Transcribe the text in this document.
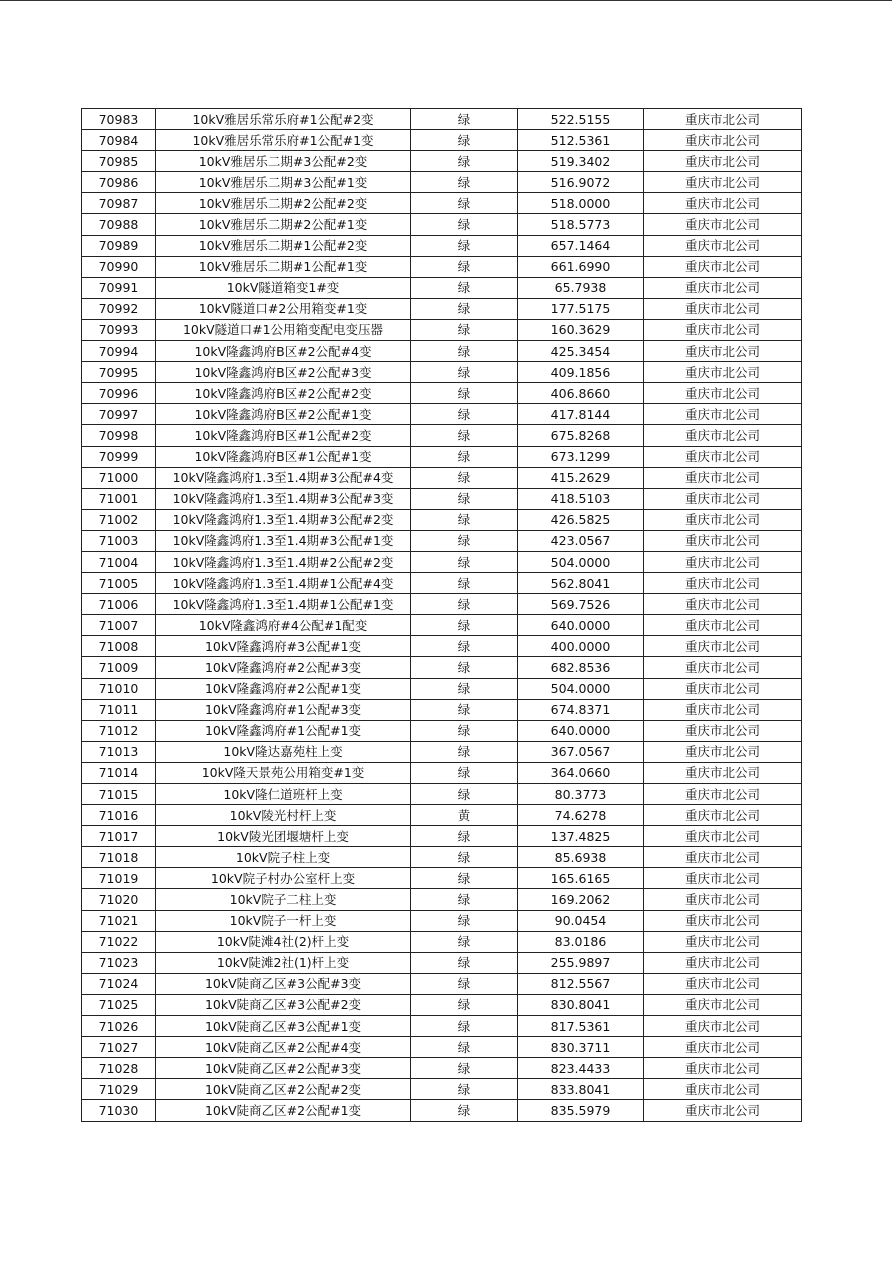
70983	10kV雅居乐常乐府#1公配#2变	绿	522.5155	重庆市北公司
70984	10kV雅居乐常乐府#1公配#1变	绿	512.5361	重庆市北公司
70985	10kV雅居乐二期#3公配#2变	绿	519.3402	重庆市北公司
70986	10kV雅居乐二期#3公配#1变	绿	516.9072	重庆市北公司
70987	10kV雅居乐二期#2公配#2变	绿	518.0000	重庆市北公司
70988	10kV雅居乐二期#2公配#1变	绿	518.5773	重庆市北公司
70989	10kV雅居乐二期#1公配#2变	绿	657.1464	重庆市北公司
70990	10kV雅居乐二期#1公配#1变	绿	661.6990	重庆市北公司
70991	10kV隧道箱变1#变	绿	65.7938	重庆市北公司
70992	10kV隧道口#2公用箱变#1变	绿	177.5175	重庆市北公司
70993	10kV隧道口#1公用箱变配电变压器	绿	160.3629	重庆市北公司
70994	10kV隆鑫鸿府B区#2公配#4变	绿	425.3454	重庆市北公司
70995	10kV隆鑫鸿府B区#2公配#3变	绿	409.1856	重庆市北公司
70996	10kV隆鑫鸿府B区#2公配#2变	绿	406.8660	重庆市北公司
70997	10kV隆鑫鸿府B区#2公配#1变	绿	417.8144	重庆市北公司
70998	10kV隆鑫鸿府B区#1公配#2变	绿	675.8268	重庆市北公司
70999	10kV隆鑫鸿府B区#1公配#1变	绿	673.1299	重庆市北公司
71000	10kV隆鑫鸿府1.3至1.4期#3公配#4变	绿	415.2629	重庆市北公司
71001	10kV隆鑫鸿府1.3至1.4期#3公配#3变	绿	418.5103	重庆市北公司
71002	10kV隆鑫鸿府1.3至1.4期#3公配#2变	绿	426.5825	重庆市北公司
71003	10kV隆鑫鸿府1.3至1.4期#3公配#1变	绿	423.0567	重庆市北公司
71004	10kV隆鑫鸿府1.3至1.4期#2公配#2变	绿	504.0000	重庆市北公司
71005	10kV隆鑫鸿府1.3至1.4期#1公配#4变	绿	562.8041	重庆市北公司
71006	10kV隆鑫鸿府1.3至1.4期#1公配#1变	绿	569.7526	重庆市北公司
71007	10kV隆鑫鸿府#4公配#1配变	绿	640.0000	重庆市北公司
71008	10kV隆鑫鸿府#3公配#1变	绿	400.0000	重庆市北公司
71009	10kV隆鑫鸿府#2公配#3变	绿	682.8536	重庆市北公司
71010	10kV隆鑫鸿府#2公配#1变	绿	504.0000	重庆市北公司
71011	10kV隆鑫鸿府#1公配#3变	绿	674.8371	重庆市北公司
71012	10kV隆鑫鸿府#1公配#1变	绿	640.0000	重庆市北公司
71013	10kV隆达嘉苑柱上变	绿	367.0567	重庆市北公司
71014	10kV隆天景苑公用箱变#1变	绿	364.0660	重庆市北公司
71015	10kV隆仁道班杆上变	绿	80.3773	重庆市北公司
71016	10kV陵光村杆上变	黄	74.6278	重庆市北公司
71017	10kV陵光团堰塘杆上变	绿	137.4825	重庆市北公司
71018	10kV院子柱上变	绿	85.6938	重庆市北公司
71019	10kV院子村办公室杆上变	绿	165.6165	重庆市北公司
71020	10kV院子二柱上变	绿	169.2062	重庆市北公司
71021	10kV院子一杆上变	绿	90.0454	重庆市北公司
71022	10kV陡滩4社(2)杆上变	绿	83.0186	重庆市北公司
71023	10kV陡滩2社(1)杆上变	绿	255.9897	重庆市北公司
71024	10kV陡商乙区#3公配#3变	绿	812.5567	重庆市北公司
71025	10kV陡商乙区#3公配#2变	绿	830.8041	重庆市北公司
71026	10kV陡商乙区#3公配#1变	绿	817.5361	重庆市北公司
71027	10kV陡商乙区#2公配#4变	绿	830.3711	重庆市北公司
71028	10kV陡商乙区#2公配#3变	绿	823.4433	重庆市北公司
71029	10kV陡商乙区#2公配#2变	绿	833.8041	重庆市北公司
71030	10kV陡商乙区#2公配#1变	绿	835.5979	重庆市北公司
